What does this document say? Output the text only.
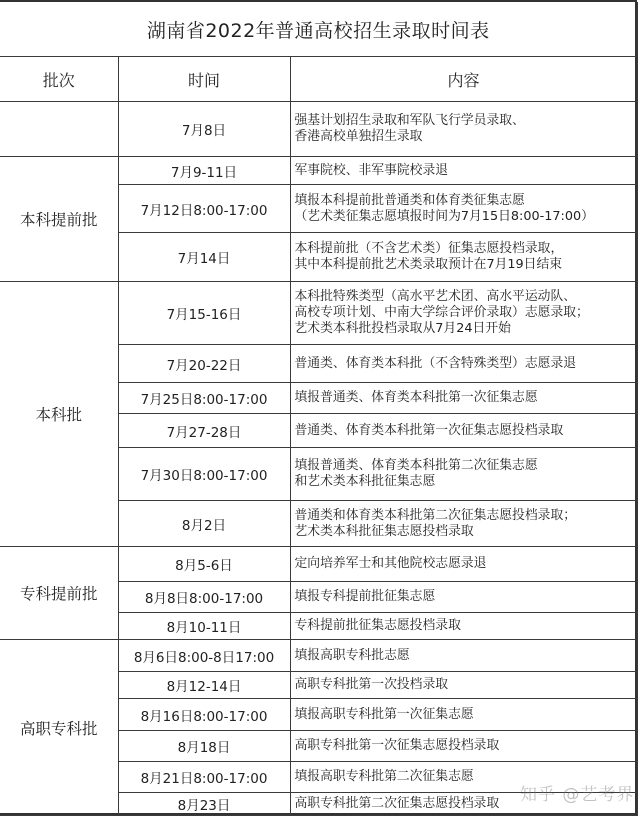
湖南省2022年普通高校招生录取时间表		
批次	时间	内容
	7月8日	强基计划招生录取和军队飞行学员录取、
香港高校单独招生录取

本科提前批	7月9-11日	军事院校、非军事院校录退

	7月12日8:00-17:00	填报本科提前批普通类和体育类征集志愿
（艺术类征集志愿填报时间为7月15日8:00-17:00）

	7月14日	本科提前批（不含艺术类）征集志愿投档录取，
其中本科提前批艺术类录取预计在7月19日结束

本科批	7月15-16日	本科批特殊类型（高水平艺术团、高水平运动队、
高校专项计划、中南大学综合评价录取）志愿录取；
艺术类本科批投档录取从7月24日开始

	7月20-22日	普通类、体育类本科批（不含特殊类型）志愿录退

	7月25日8:00-17:00	填报普通类、体育类本科批第一次征集志愿

	7月27-28日	普通类、体育类本科批第一次征集志愿投档录取

	7月30日8:00-17:00	填报普通类、体育类本科批第二次征集志愿
和艺术类本科批征集志愿

	8月2日	普通类和体育类本科批第二次征集志愿投档录取；
艺术类本科批征集志愿投档录取

专科提前批	8月5-6日	定向培养军士和其他院校志愿录退

	8月8日8:00-17:00	填报专科提前批征集志愿

	8月10-11日	专科提前批征集志愿投档录取

高职专科批	8月6日8:00-8日17:00	填报高职专科批志愿

	8月12-14日	高职专科批第一次投档录取

	8月16日8:00-17:00	填报高职专科批第一次征集志愿

	8月18日	高职专科批第一次征集志愿投档录取

	8月21日8:00-17:00	填报高职专科批第二次征集志愿

	8月23日	高职专科批第二次征集志愿投档录取	知乎 @艺考界
